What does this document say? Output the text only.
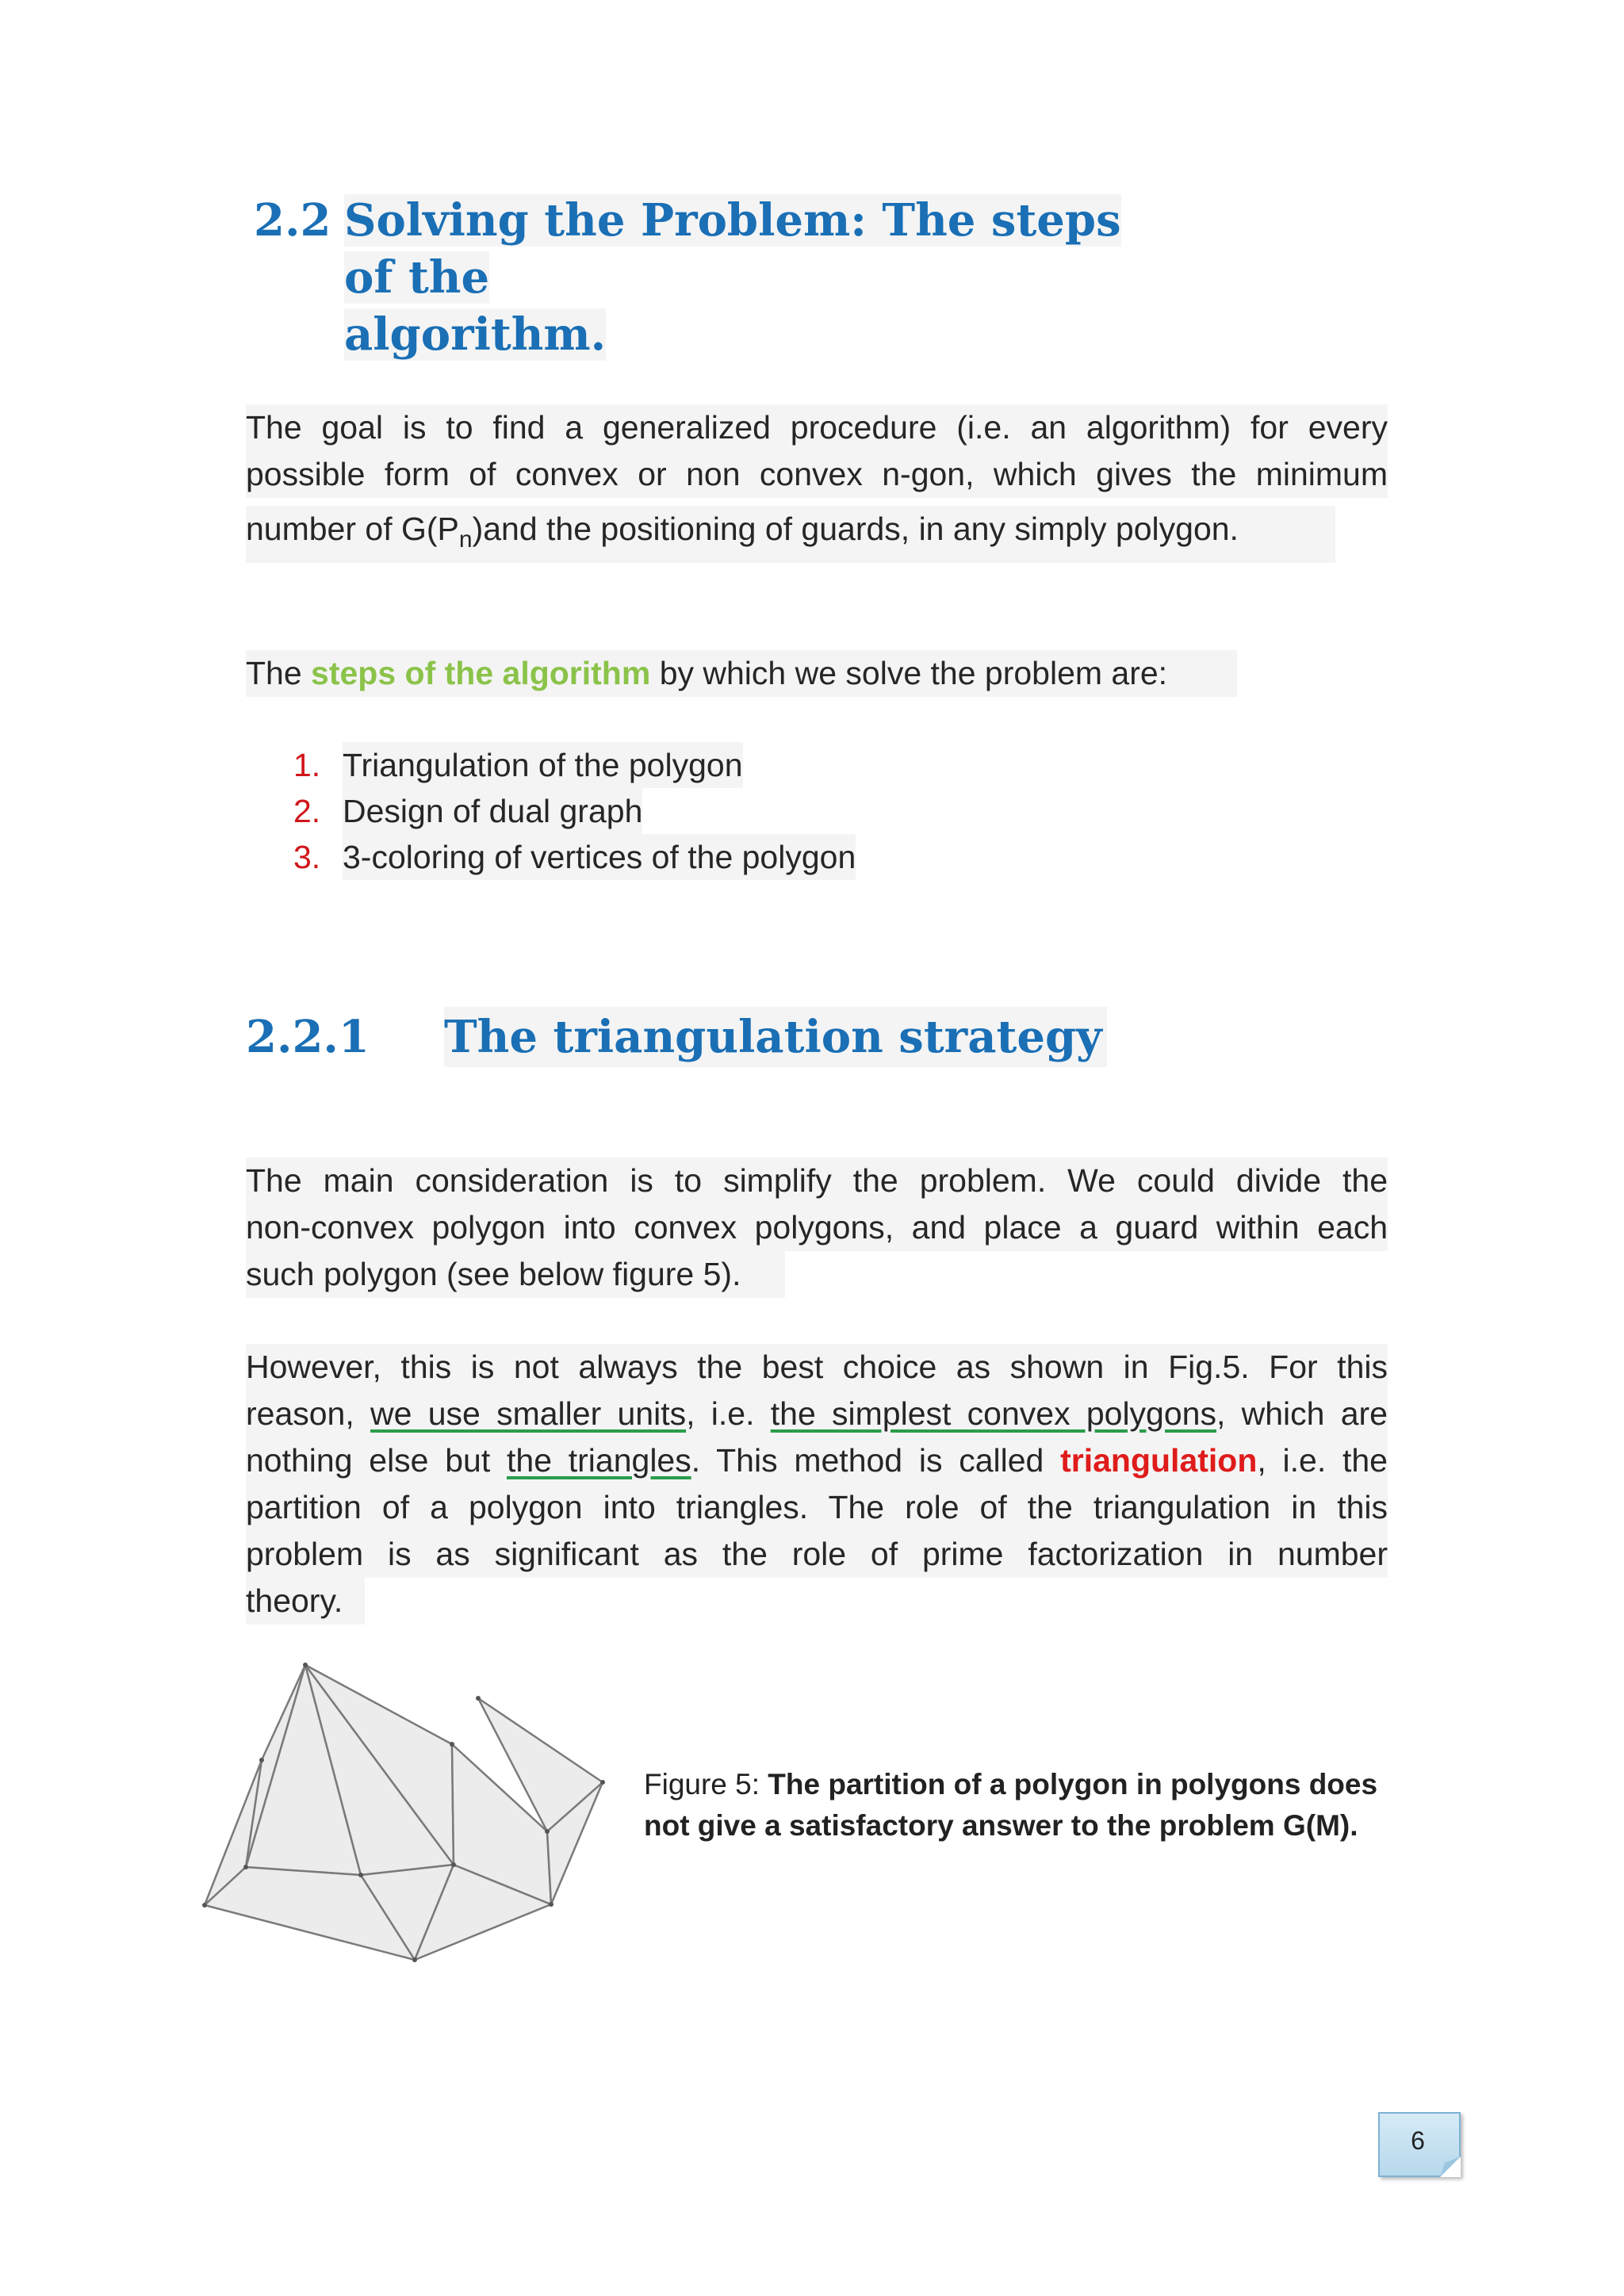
2.2 Solving the Problem: The steps of the
algorithm.
The goal is to find a generalized procedure (i.e. an algorithm) for every
possible form of convex or non convex n-gon, which gives the minimum
number of $G(P_n)and$ the positioning of guards, in any simply polygon.
The steps of the algorithm by which we solve the problem are:
1. Triangulation of the polygon
2. Design of dual graph
3. 3-coloring of vertices of the polygon
2.2.1 The triangulation strategy
The main consideration is to simplify the problem. We could divide the
non-convex polygon into convex polygons, and place a guard within each
such polygon (see below figure 5).
However, this is not always the best choice as shown in Fig.5. For this
reason, we use smaller units, i.e. the simplest convex polygons, which are
nothing else but the triangles. This method is called triangulation, i.e. the
partition of a polygon into triangles. The role of the triangulation in this
problem is as significant as the role of prime factorization in number
theory.
Figure 5: The partition of a polygon in polygons does
not give a satisfactory answer to the problem G(M).
6
